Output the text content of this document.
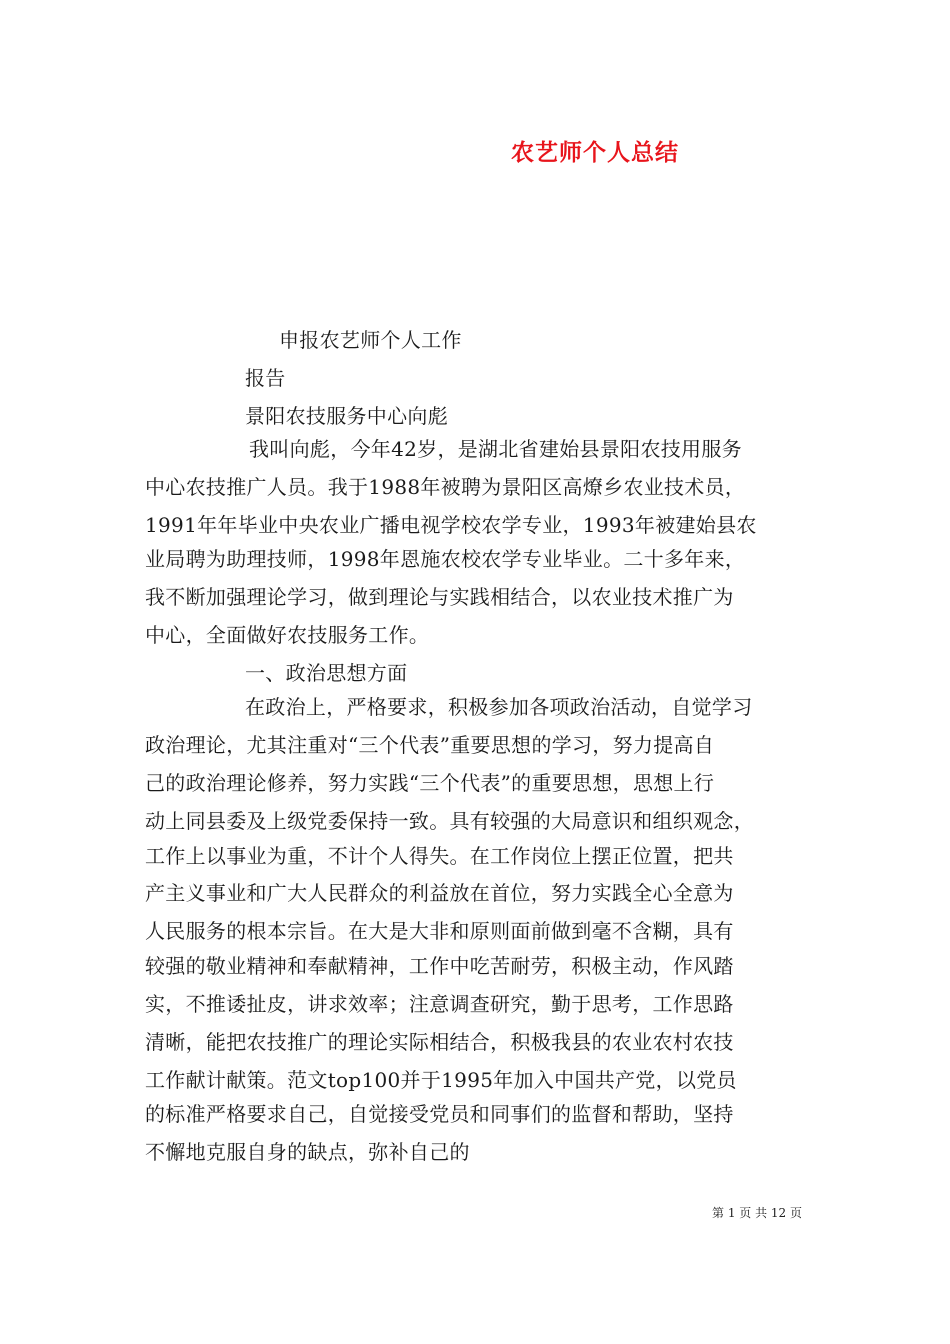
农艺师个人总结
申报农艺师个人工作
报告
景阳农技服务中心向彪
我叫向彪，今年42岁，是湖北省建始县景阳农技用服务
中心农技推广人员。我于1988年被聘为景阳区高燎乡农业技术员，
1991年年毕业中央农业广播电视学校农学专业，1993年被建始县农
业局聘为助理技师，1998年恩施农校农学专业毕业。二十多年来，
我不断加强理论学习，做到理论与实践相结合，以农业技术推广为
中心，全面做好农技服务工作。
一、政治思想方面
在政治上，严格要求，积极参加各项政治活动，自觉学习
政治理论，尤其注重对“三个代表”重要思想的学习，努力提高自
己的政治理论修养，努力实践“三个代表”的重要思想，思想上行
动上同县委及上级党委保持一致。具有较强的大局意识和组织观念，
工作上以事业为重，不计个人得失。在工作岗位上摆正位置，把共
产主义事业和广大人民群众的利益放在首位，努力实践全心全意为
人民服务的根本宗旨。在大是大非和原则面前做到毫不含糊，具有
较强的敬业精神和奉献精神，工作中吃苦耐劳，积极主动，作风踏
实，不推诿扯皮，讲求效率；注意调查研究，勤于思考，工作思路
清晰，能把农技推广的理论实际相结合，积极我县的农业农村农技
工作献计献策。范文top100并于1995年加入中国共产党，以党员
的标准严格要求自己，自觉接受党员和同事们的监督和帮助，坚持
不懈地克服自身的缺点，弥补自己的
第 1 页 共 12 页
